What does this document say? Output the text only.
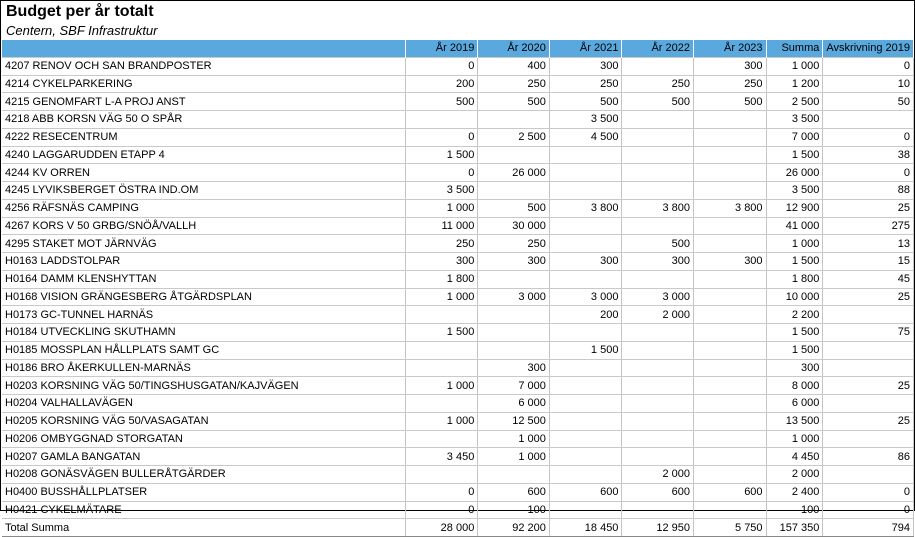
Budget per år totalt
Centern, SBF Infrastruktur
	År 2019	År 2020	År 2021	År 2022	År 2023	Summa	Avskrivning 2019
4207 RENOV OCH SAN BRANDPOSTER	0	400	300		300	1 000	0
4214 CYKELPARKERING	200	250	250	250	250	1 200	10
4215 GENOMFART L-A PROJ ANST	500	500	500	500	500	2 500	50
4218 ABB KORSN VÄG 50 O SPÅR			3 500			3 500	
4222 RESECENTRUM	0	2 500	4 500			7 000	0
4240 LAGGARUDDEN ETAPP 4	1 500					1 500	38
4244 KV ORREN	0	26 000				26 000	0
4245 LYVIKSBERGET ÖSTRA IND.OM	3 500					3 500	88
4256 RÄFSNÄS CAMPING	1 000	500	3 800	3 800	3 800	12 900	25
4267 KORS V 50 GRBG/SNÖÅ/VALLH	11 000	30 000				41 000	275
4295 STAKET MOT JÄRNVÄG	250	250		500		1 000	13
H0163 LADDSTOLPAR	300	300	300	300	300	1 500	15
H0164 DAMM KLENSHYTTAN	1 800					1 800	45
H0168 VISION GRÄNGESBERG ÅTGÄRDSPLAN	1 000	3 000	3 000	3 000		10 000	25
H0173 GC-TUNNEL HARNÄS			200	2 000		2 200	
H0184 UTVECKLING SKUTHAMN	1 500					1 500	75
H0185 MOSSPLAN HÅLLPLATS SAMT GC			1 500			1 500	
H0186 BRO ÅKERKULLEN-MARNÄS		300				300	
H0203 KORSNING VÄG 50/TINGSHUSGATAN/KAJVÄGEN	1 000	7 000				8 000	25
H0204 VALHALLAVÄGEN		6 000				6 000	
H0205 KORSNING VÄG 50/VASAGATAN	1 000	12 500				13 500	25
H0206 OMBYGGNAD STORGATAN		1 000				1 000	
H0207 GAMLA BANGATAN	3 450	1 000				4 450	86
H0208 GONÄSVÄGEN BULLERÅTGÄRDER				2 000		2 000	
H0400 BUSSHÅLLPLATSER	0	600	600	600	600	2 400	0
H0421 CYKELMÄTARE	0	100				100	0
Total Summa	28 000	92 200	18 450	12 950	5 750	157 350	794
